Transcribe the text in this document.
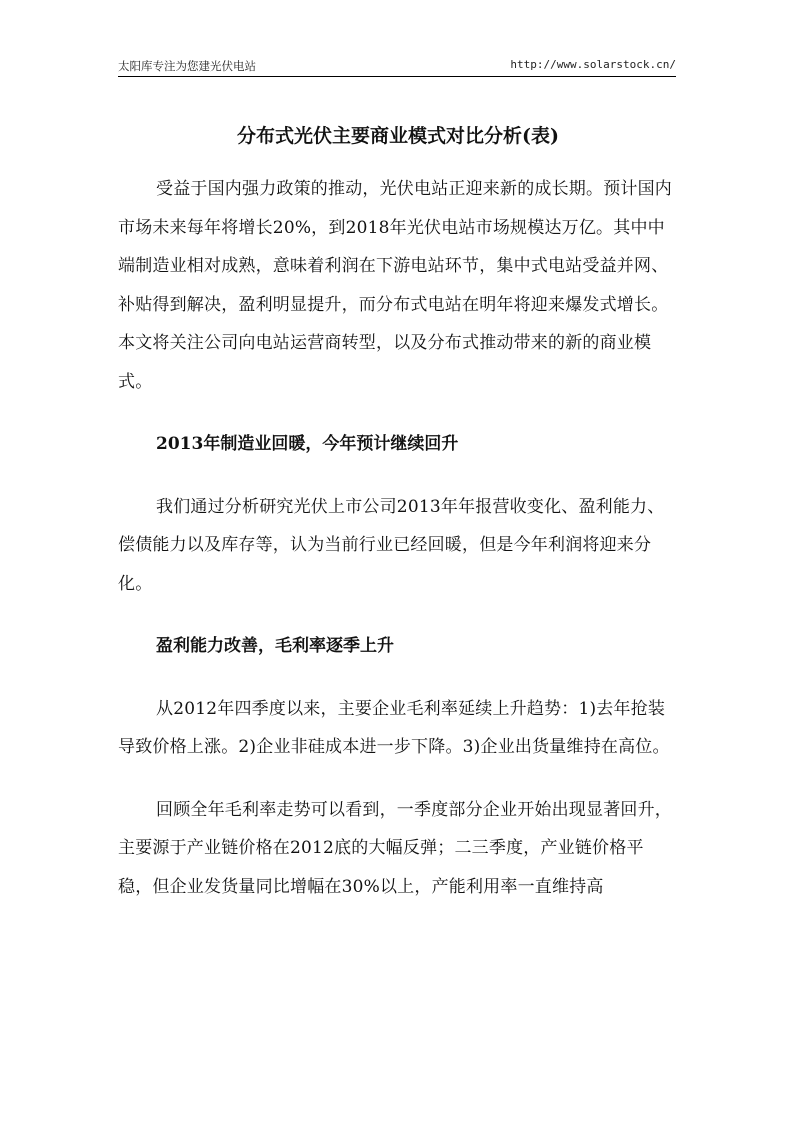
太阳库专注为您建光伏电站	http://www.solarstock.cn/
分布式光伏主要商业模式对比分析(表)

受益于国内强力政策的推动，光伏电站正迎来新的成长期。预计国内市场未来每年将增长20%，到2018年光伏电站市场规模达万亿。其中中端制造业相对成熟，意味着利润在下游电站环节，集中式电站受益并网、补贴得到解决，盈利明显提升，而分布式电站在明年将迎来爆发式增长。本文将关注公司向电站运营商转型，以及分布式推动带来的新的商业模式。

2013年制造业回暖，今年预计继续回升

我们通过分析研究光伏上市公司2013年年报营收变化、盈利能力、偿债能力以及库存等，认为当前行业已经回暖，但是今年利润将迎来分化。

盈利能力改善，毛利率逐季上升

从2012年四季度以来，主要企业毛利率延续上升趋势：1)去年抢装导致价格上涨。2)企业非硅成本进一步下降。3)企业出货量维持在高位。

回顾全年毛利率走势可以看到，一季度部分企业开始出现显著回升，主要源于产业链价格在2012底的大幅反弹；二三季度，产业链价格平稳，但企业发货量同比增幅在30%以上，产能利用率一直维持高
